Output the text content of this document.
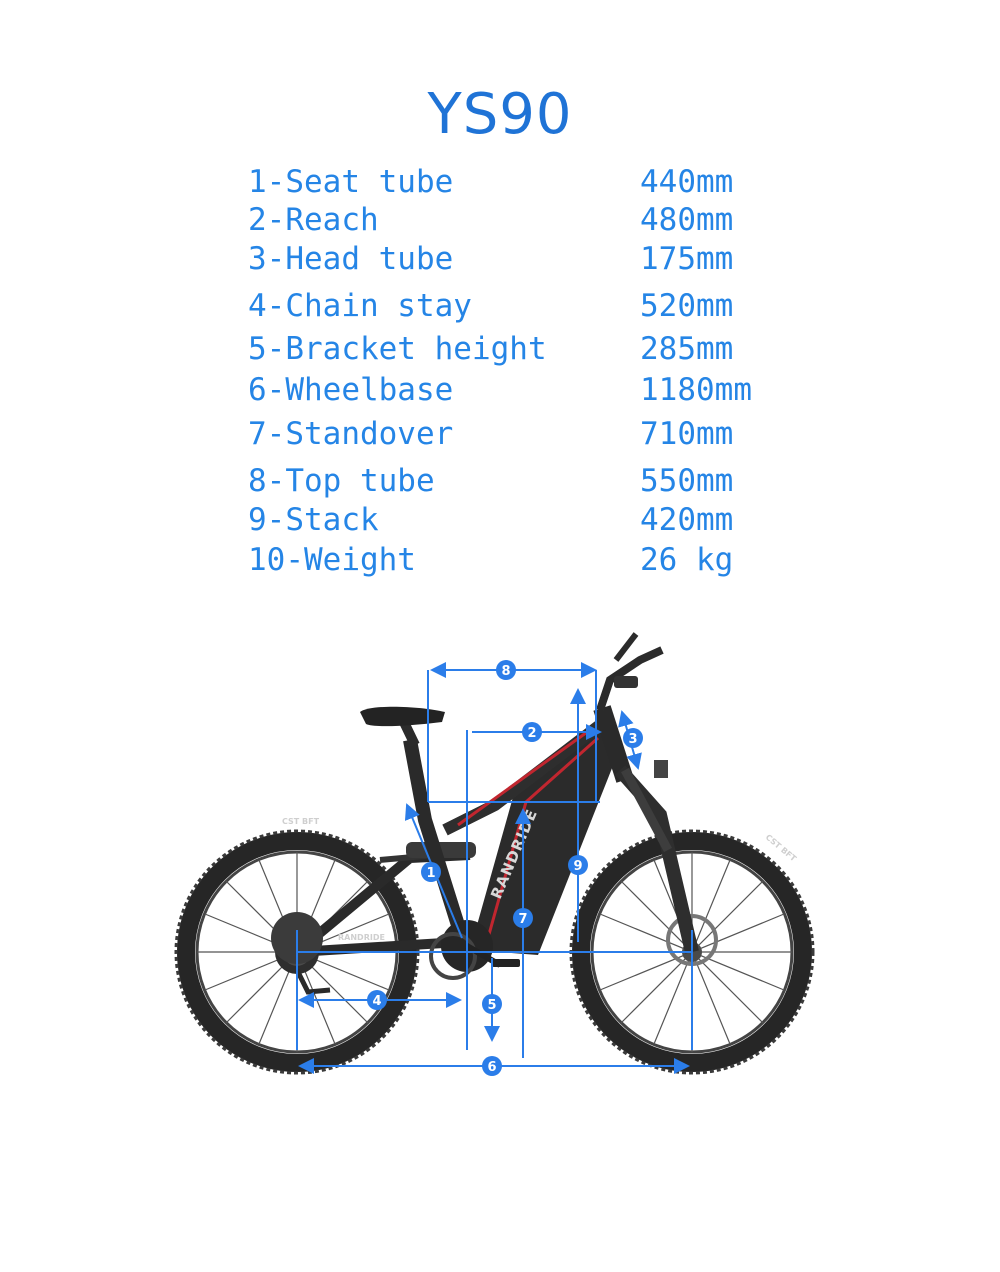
YS90
1-Seat tube	440mm
2-Reach	480mm
3-Head tube	175mm
4-Chain stay	520mm
5-Bracket height	285mm
6-Wheelbase	1180mm
7-Standover	710mm
8-Top tube	550mm
9-Stack	420mm
10-Weight	26 kg
CST BFT
CST BFT
RANDRIDE
RANDRIDE
1
2	3
4	5
6
7
8
9
